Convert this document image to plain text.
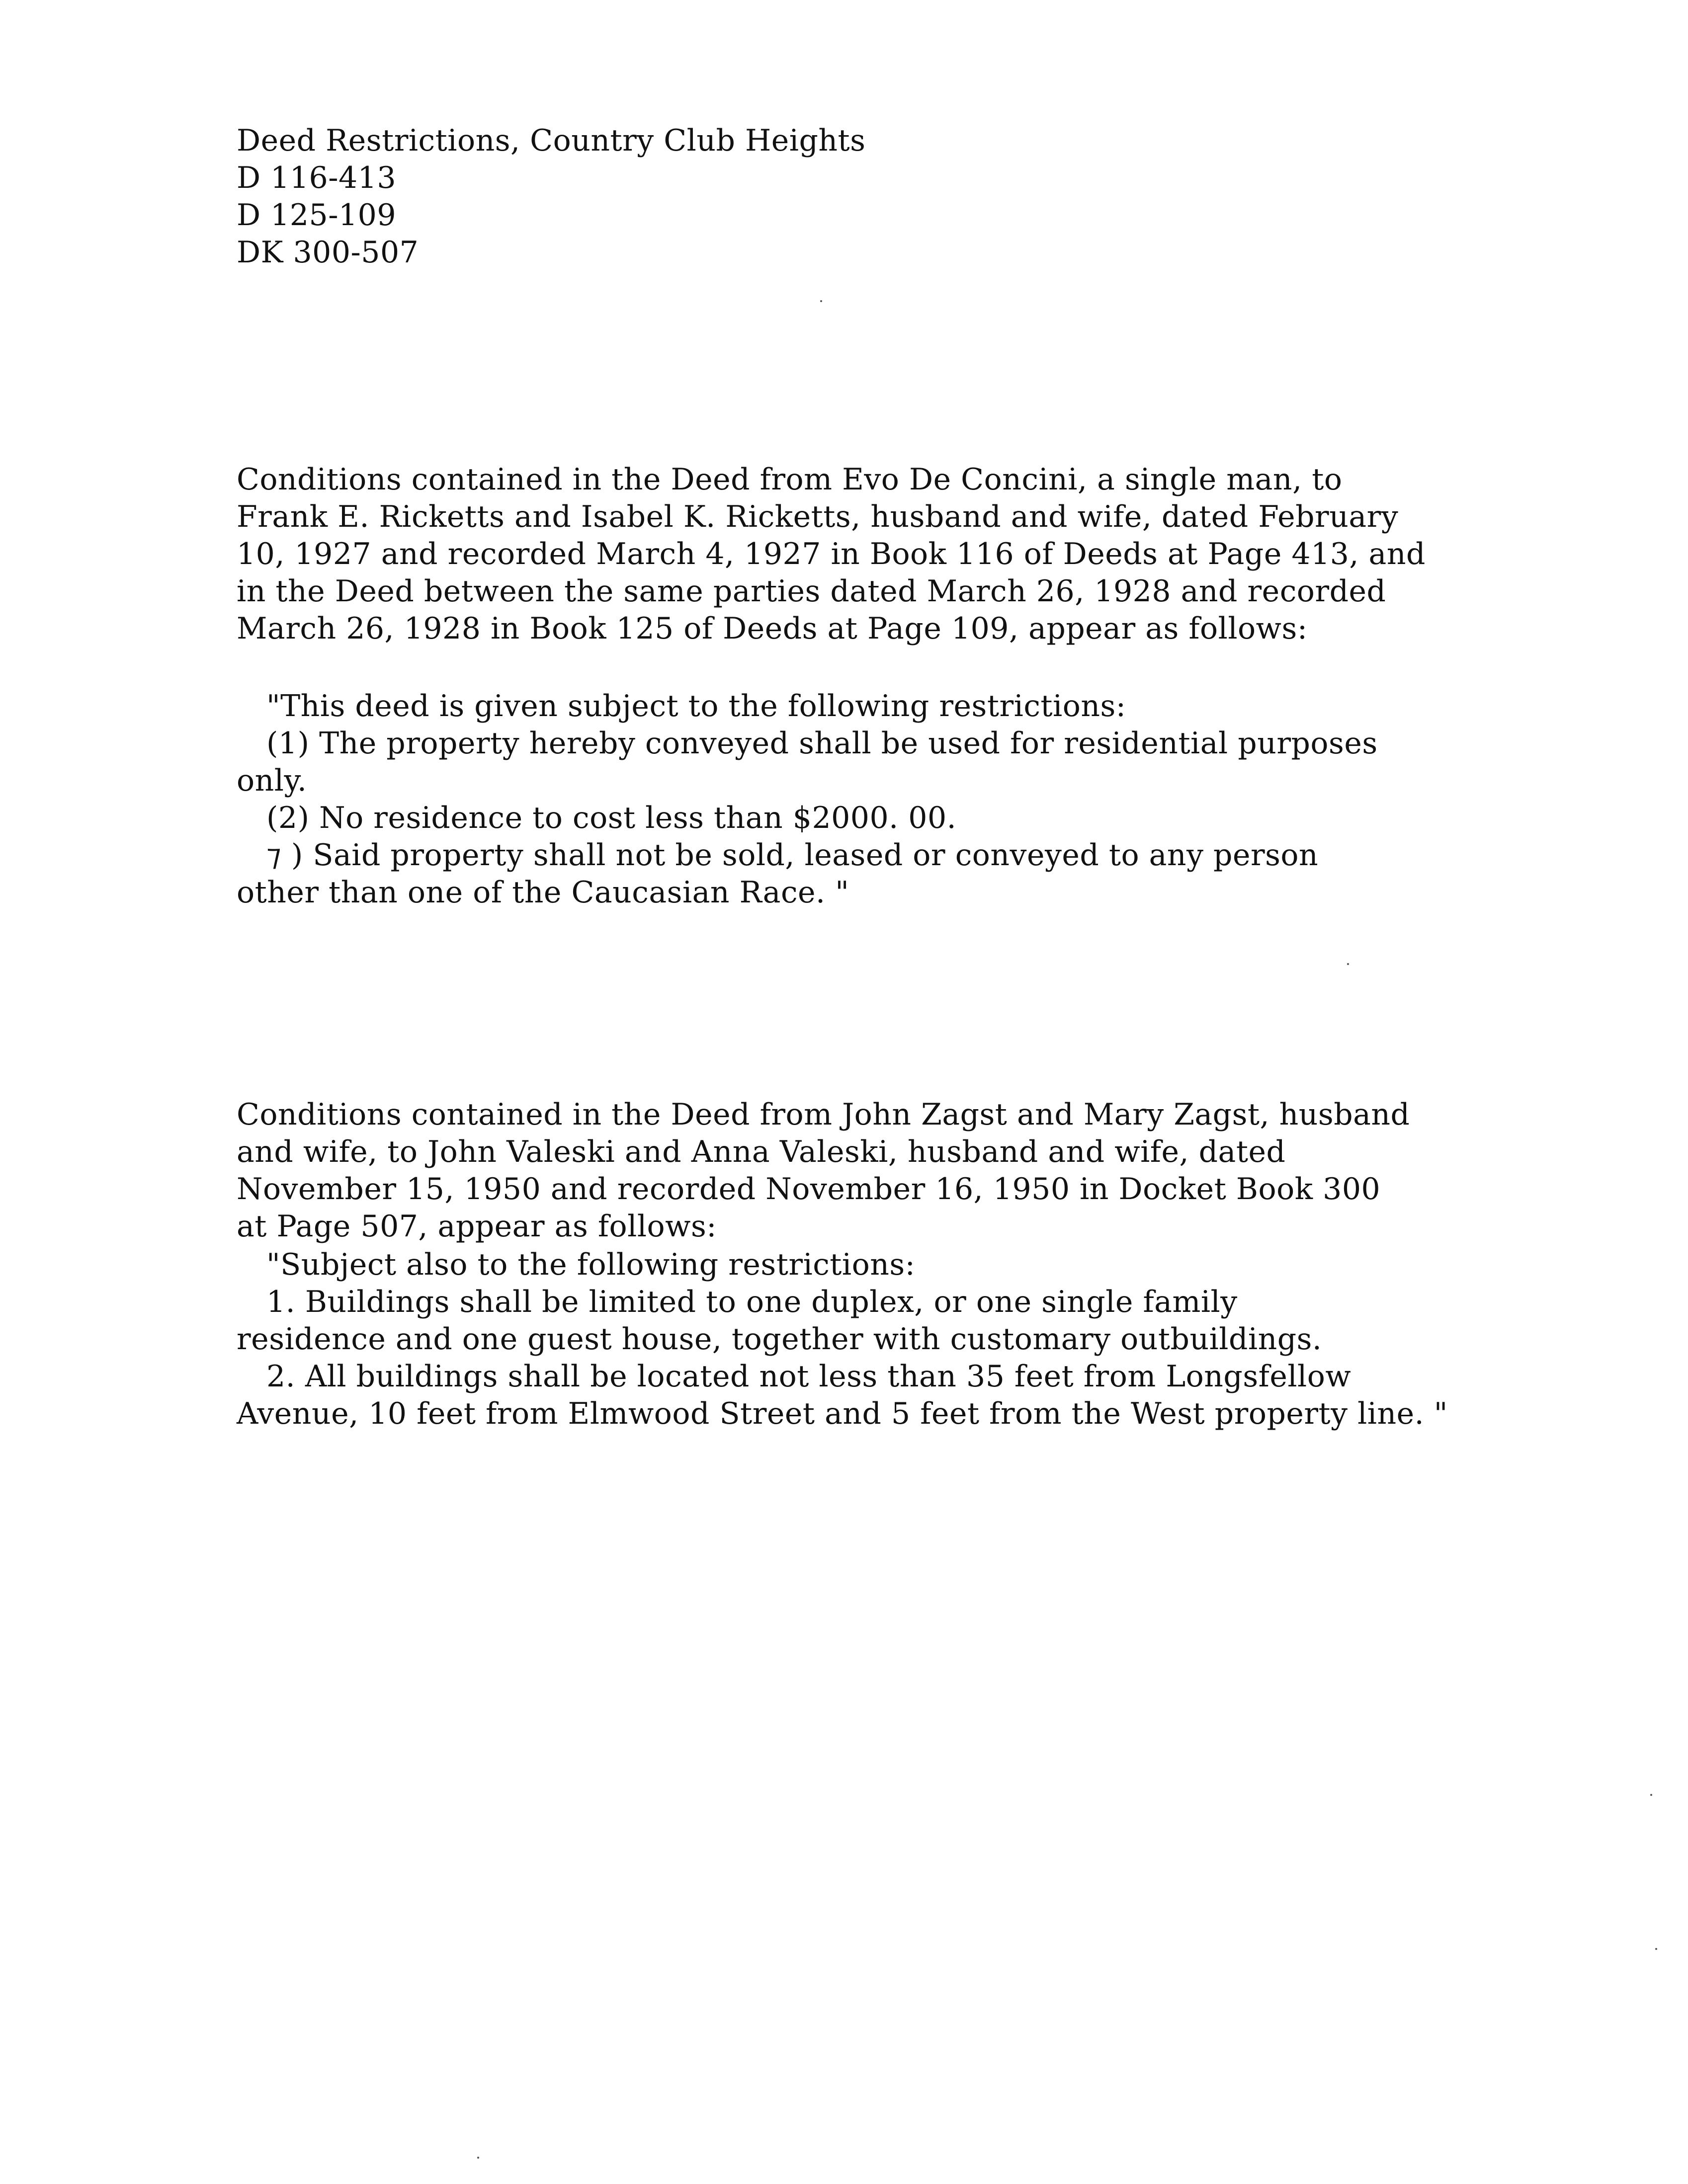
Deed Restrictions, Country Club Heights
D 116-413
D 125-109
DK 300-507
Conditions contained in the Deed from Evo De Concini, a single man, to
Frank E. Ricketts and Isabel K. Ricketts, husband and wife, dated February
10, 1927 and recorded March 4, 1927 in Book 116 of Deeds at Page 413, and
in the Deed between the same parties dated March 26, 1928 and recorded
March 26, 1928 in Book 125 of Deeds at Page 109, appear as follows:
"This deed is given subject to the following restrictions:
(1) The property hereby conveyed shall be used for residential purposes
only.
(2) No residence to cost less than $2000. 00.
⁊ ) Said property shall not be sold, leased or conveyed to any person
other than one of the Caucasian Race. "
Conditions contained in the Deed from John Zagst and Mary Zagst, husband
and wife, to John Valeski and Anna Valeski, husband and wife, dated
November 15, 1950 and recorded November 16, 1950 in Docket Book 300
at Page 507, appear as follows:
"Subject also to the following restrictions:
1. Buildings shall be limited to one duplex, or one single family
residence and one guest house, together with customary outbuildings.
2. All buildings shall be located not less than 35 feet from Longsfellow
Avenue, 10 feet from Elmwood Street and 5 feet from the West property line. "
